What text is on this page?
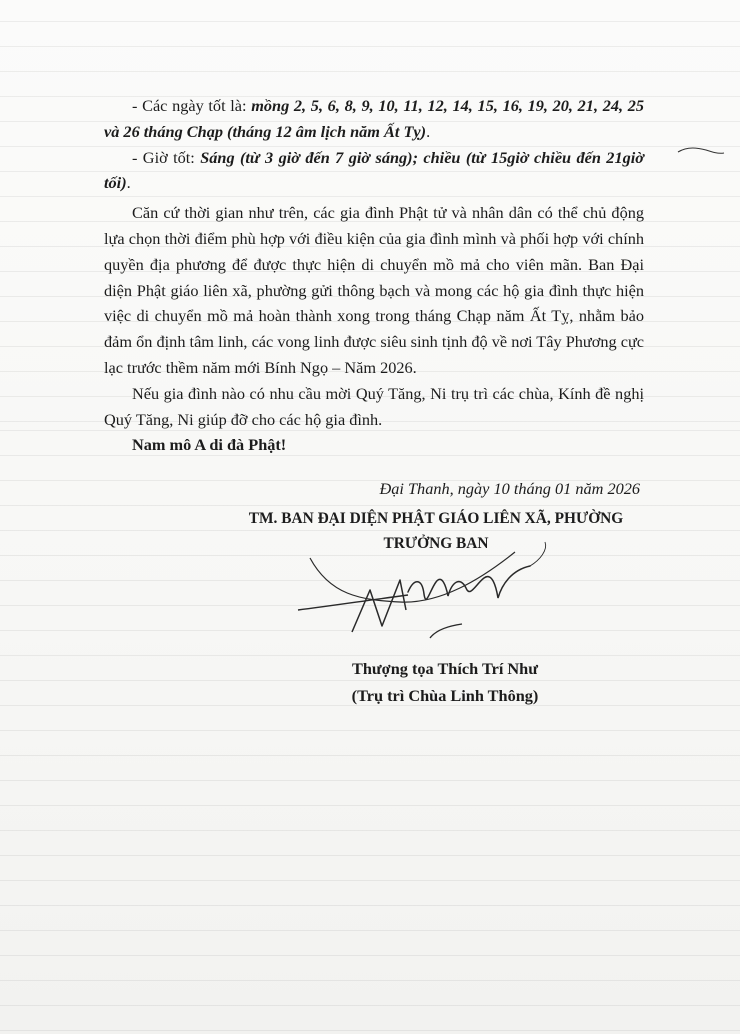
- Các ngày tốt là: mồng 2, 5, 6, 8, 9, 10, 11, 12, 14, 15, 16, 19, 20, 21, 24, 25 và 26 tháng Chạp (tháng 12 âm lịch năm Ất Tỵ).

- Giờ tốt: Sáng (từ 3 giờ đến 7 giờ sáng); chiều (từ 15giờ chiều đến 21giờ tối).

Căn cứ thời gian như trên, các gia đình Phật tử và nhân dân có thể chủ động lựa chọn thời điểm phù hợp với điều kiện của gia đình mình và phối hợp với chính quyền địa phương để được thực hiện di chuyển mồ mả cho viên mãn. Ban Đại diện Phật giáo liên xã, phường gửi thông bạch và mong các hộ gia đình thực hiện việc di chuyển mồ mả hoàn thành xong trong tháng Chạp năm Ất Tỵ, nhằm bảo đảm ổn định tâm linh, các vong linh được siêu sinh tịnh độ về nơi Tây Phương cực lạc trước thềm năm mới Bính Ngọ – Năm 2026.

Nếu gia đình nào có nhu cầu mời Quý Tăng, Ni trụ trì các chùa, Kính đề nghị Quý Tăng, Ni giúp đỡ cho các hộ gia đình.

Nam mô A di đà Phật!

Đại Thanh, ngày 10 tháng 01 năm 2026
TM. BAN ĐẠI DIỆN PHẬT GIÁO LIÊN XÃ, PHƯỜNG
TRƯỞNG BAN
Thượng tọa Thích Trí Như
(Trụ trì Chùa Linh Thông)
